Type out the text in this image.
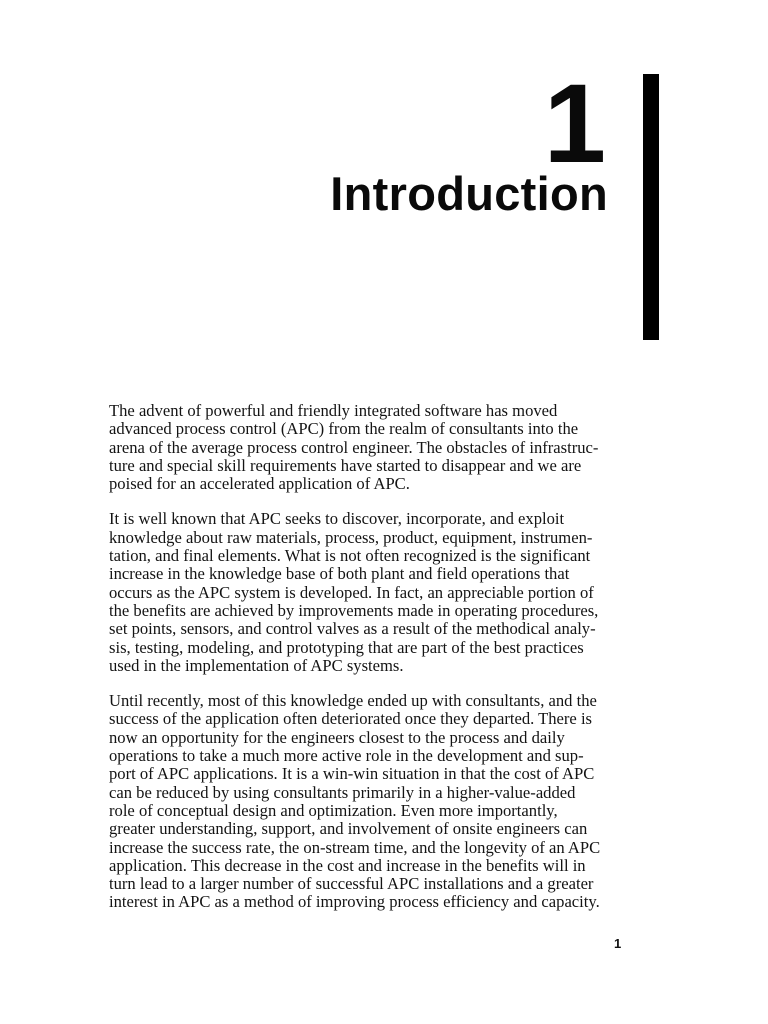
1
Introduction

The advent of powerful and friendly integrated software has moved
advanced process control (APC) from the realm of consultants into the
arena of the average process control engineer. The obstacles of infrastruc-
ture and special skill requirements have started to disappear and we are
poised for an accelerated application of APC.

It is well known that APC seeks to discover, incorporate, and exploit
knowledge about raw materials, process, product, equipment, instrumen-
tation, and final elements. What is not often recognized is the significant
increase in the knowledge base of both plant and field operations that
occurs as the APC system is developed. In fact, an appreciable portion of
the benefits are achieved by improvements made in operating procedures,
set points, sensors, and control valves as a result of the methodical analy-
sis, testing, modeling, and prototyping that are part of the best practices
used in the implementation of APC systems.

Until recently, most of this knowledge ended up with consultants, and the
success of the application often deteriorated once they departed. There is
now an opportunity for the engineers closest to the process and daily
operations to take a much more active role in the development and sup-
port of APC applications. It is a win-win situation in that the cost of APC
can be reduced by using consultants primarily in a higher-value-added
role of conceptual design and optimization. Even more importantly,
greater understanding, support, and involvement of onsite engineers can
increase the success rate, the on-stream time, and the longevity of an APC
application. This decrease in the cost and increase in the benefits will in
turn lead to a larger number of successful APC installations and a greater
interest in APC as a method of improving process efficiency and capacity.

1
